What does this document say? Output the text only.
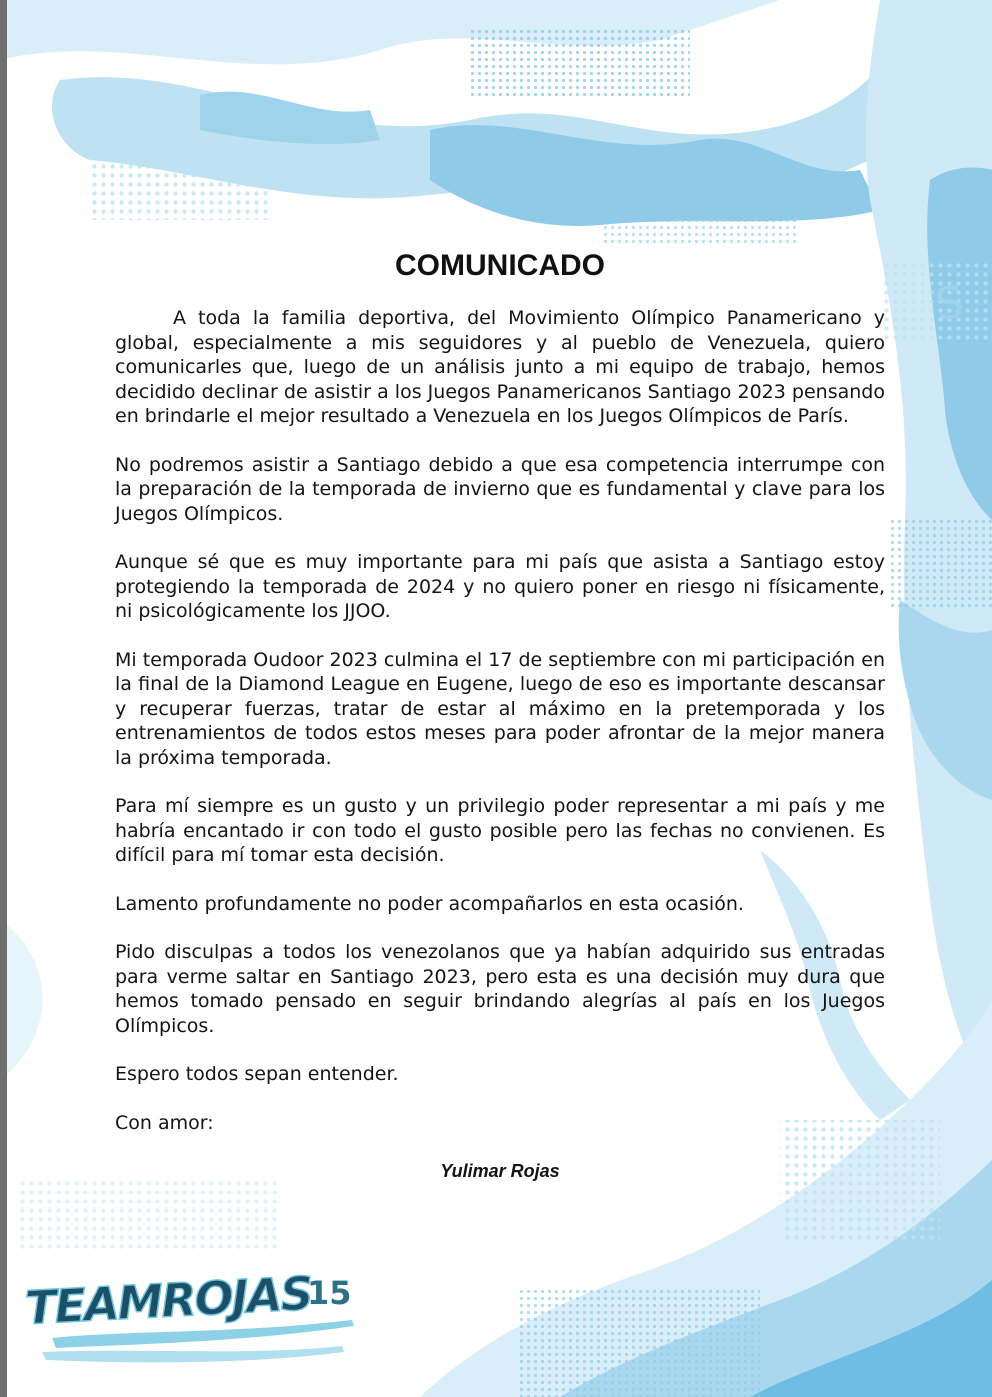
S
COMUNICADO

A toda la familia deportiva, del Movimiento Olímpico Panamericano y global, especialmente a mis seguidores y al pueblo de Venezuela, quiero comunicarles que, luego de un análisis junto a mi equipo de trabajo, hemos decidido declinar de asistir a los Juegos Panamericanos Santiago 2023 pensando en brindarle el mejor resultado a Venezuela en los Juegos Olímpicos de París.

No podremos asistir a Santiago debido a que esa competencia interrumpe con la preparación de la temporada de invierno que es fundamental y clave para los Juegos Olímpicos.

Aunque sé que es muy importante para mi país que asista a Santiago estoy protegiendo la temporada de 2024 y no quiero poner en riesgo ni físicamente, ni psicológicamente los JJOO.

Mi temporada Oudoor 2023 culmina el 17 de septiembre con mi participación en la final de la Diamond League en Eugene, luego de eso es importante descansar y recuperar fuerzas, tratar de estar al máximo en la pretemporada y los entrenamientos de todos estos meses para poder afrontar de la mejor manera la próxima temporada.

Para mí siempre es un gusto y un privilegio poder representar a mi país y me habría encantado ir con todo el gusto posible pero las fechas no convienen. Es difícil para mí tomar esta decisión.

Lamento profundamente no poder acompañarlos en esta ocasión.

Pido disculpas a todos los venezolanos que ya habían adquirido sus entradas para verme saltar en Santiago 2023, pero esta es una decisión muy dura que hemos tomado pensado en seguir brindando alegrías al país en los Juegos Olímpicos.

Espero todos sepan entender.

Con amor:

Yulimar Rojas
TEAMROJAS
15
